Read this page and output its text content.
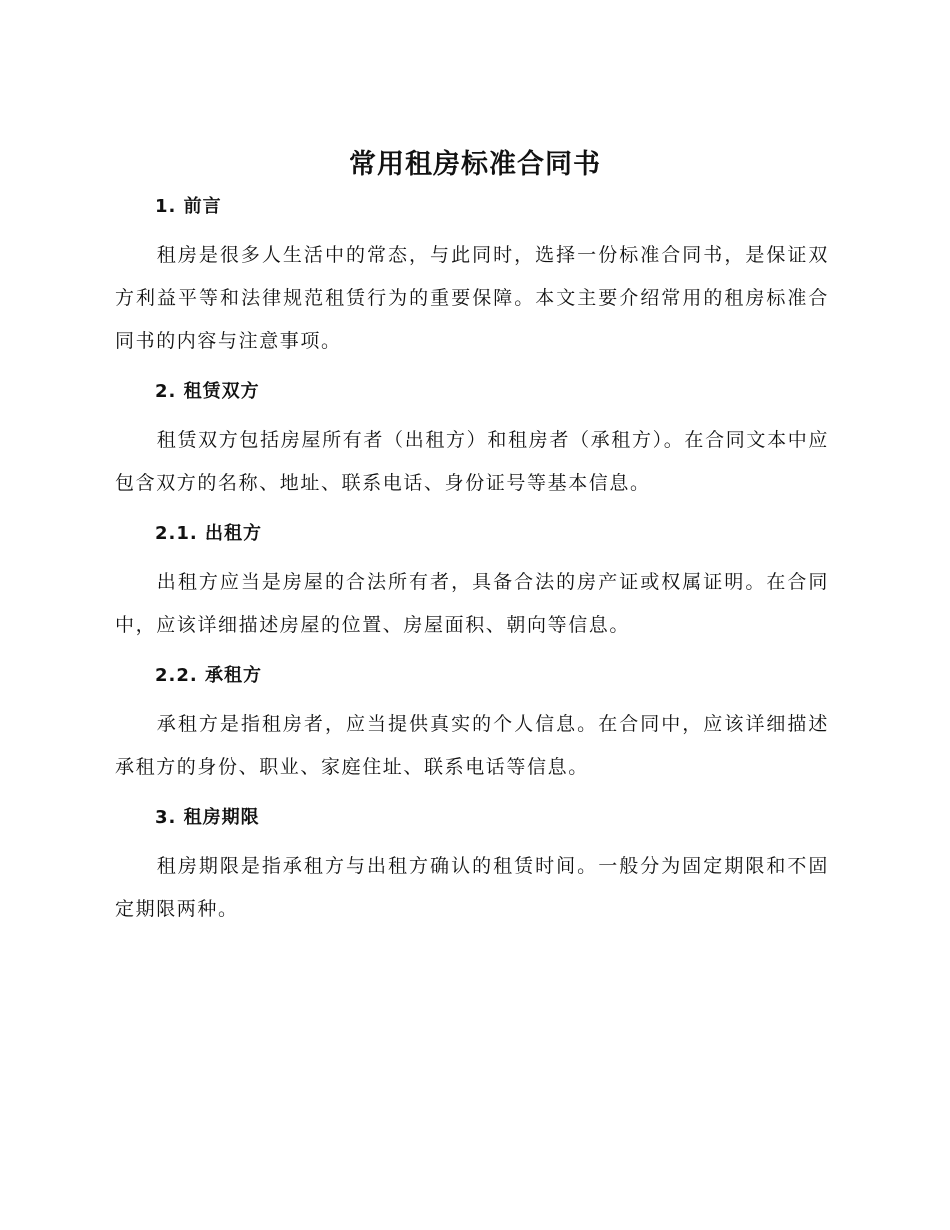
常用租房标准合同书

1. 前言

租房是很多人生活中的常态，与此同时，选择一份标准合同书，是保证双方利益平等和法律规范租赁行为的重要保障。本文主要介绍常用的租房标准合同书的内容与注意事项。

2. 租赁双方

租赁双方包括房屋所有者（出租方）和租房者（承租方）。在合同文本中应包含双方的名称、地址、联系电话、身份证号等基本信息。

2.1. 出租方

出租方应当是房屋的合法所有者，具备合法的房产证或权属证明。在合同中，应该详细描述房屋的位置、房屋面积、朝向等信息。

2.2. 承租方

承租方是指租房者，应当提供真实的个人信息。在合同中，应该详细描述承租方的身份、职业、家庭住址、联系电话等信息。

3. 租房期限

租房期限是指承租方与出租方确认的租赁时间。一般分为固定期限和不固定期限两种。
